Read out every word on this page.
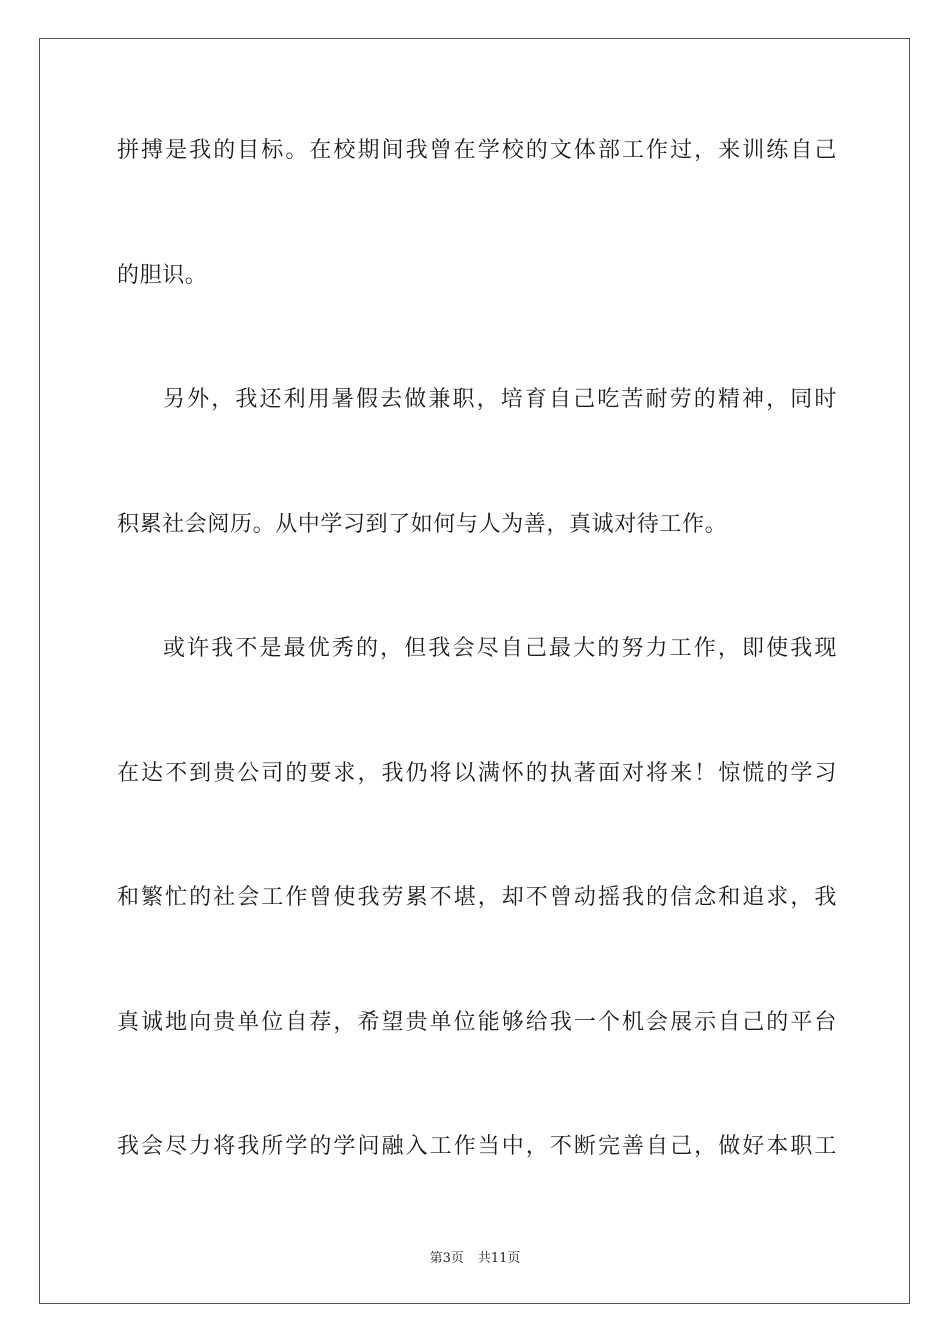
拼搏是我的目标。在校期间我曾在学校的文体部工作过，来训练自己
的胆识。
另外，我还利用暑假去做兼职，培育自己吃苦耐劳的精神，同时
积累社会阅历。从中学习到了如何与人为善，真诚对待工作。
或许我不是最优秀的，但我会尽自己最大的努力工作，即使我现
在达不到贵公司的要求，我仍将以满怀的执著面对将来！惊慌的学习
和繁忙的社会工作曾使我劳累不堪，却不曾动摇我的信念和追求，我
真诚地向贵单位自荐，希望贵单位能够给我一个机会展示自己的平台
我会尽力将我所学的学问融入工作当中，不断完善自己，做好本职工
第3页 共11页
